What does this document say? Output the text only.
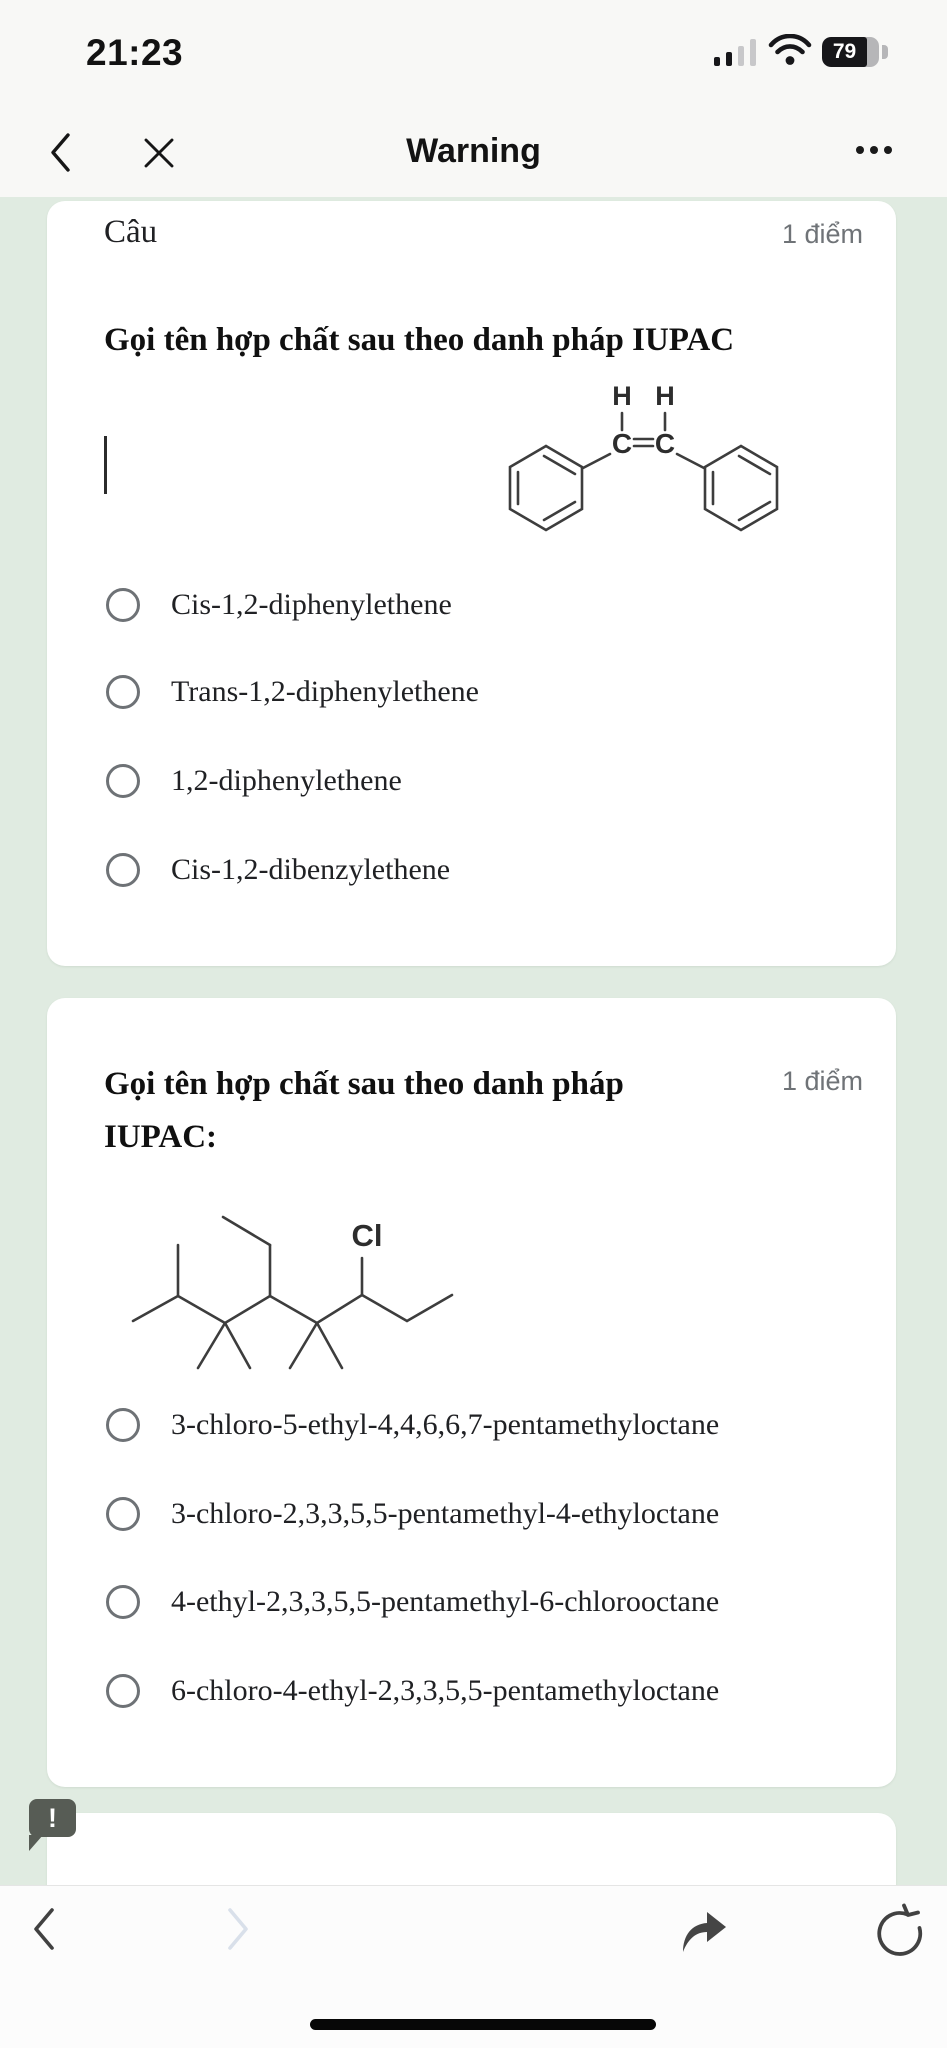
21:23	79
Warning
Câu	1 điểm
Gọi tên hợp chất sau theo danh pháp IUPAC
H H
C C
Cis-1,2-diphenylethene
Trans-1,2-diphenylethene
1,2-diphenylethene
Cis-1,2-dibenzylethene
Gọi tên hợp chất sau theo danh pháp
IUPAC:
1 điểm
Cl
3-chloro-5-ethyl-4,4,6,6,7-pentamethyloctane
3-chloro-2,3,3,5,5-pentamethyl-4-ethyloctane
4-ethyl-2,3,3,5,5-pentamethyl-6-chlorooctane
6-chloro-4-ethyl-2,3,3,5,5-pentamethyloctane
!
